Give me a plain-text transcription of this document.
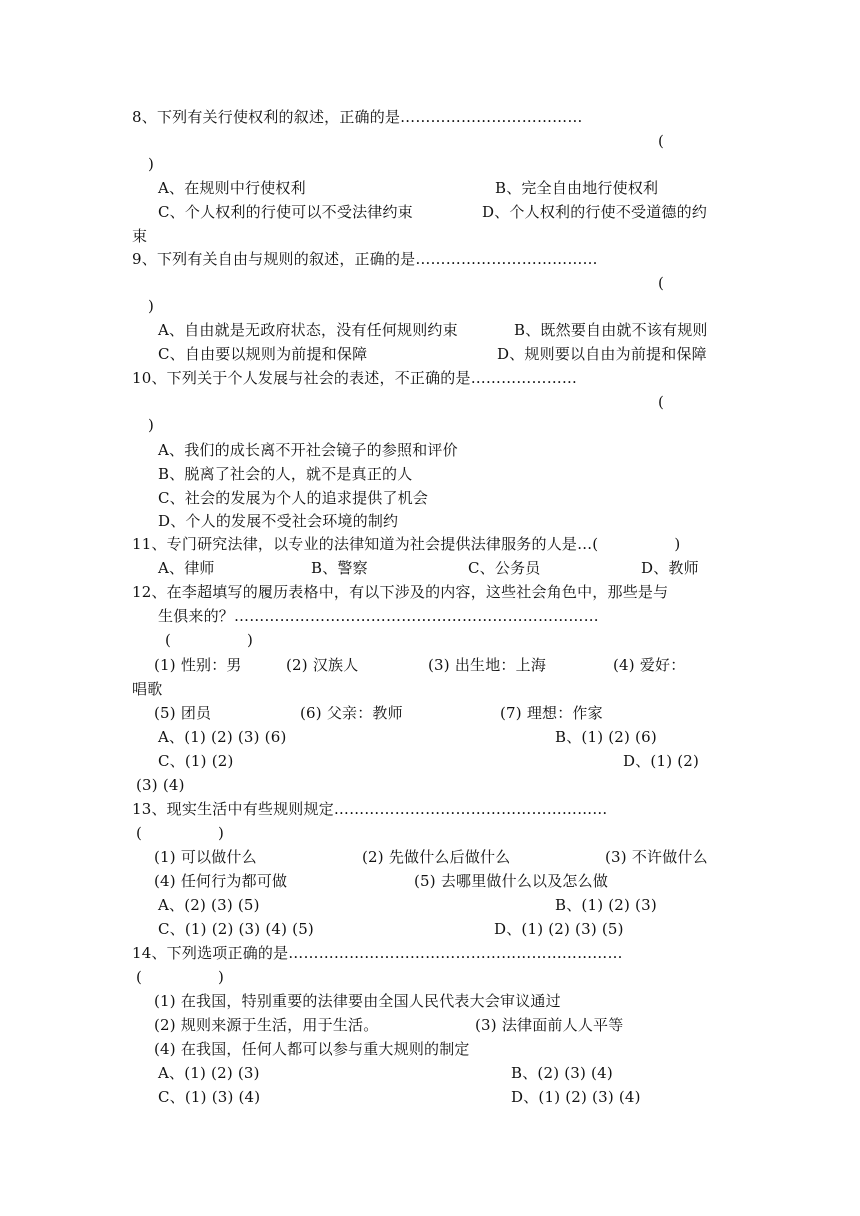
8、下列有关行使权利的叙述，正确的是………………………………
(
)
A、在规则中行使权利	B、完全自由地行使权利
C、个人权利的行使可以不受法律约束	D、个人权利的行使不受道德的约
束
9、下列有关自由与规则的叙述，正确的是………………………………
(
)
A、自由就是无政府状态，没有任何规则约束	B、既然要自由就不该有规则
C、自由要以规则为前提和保障	D、规则要以自由为前提和保障
10、下列关于个人发展与社会的表述，不正确的是…………………
(
)
A、我们的成长离不开社会镜子的参照和评价
B、脱离了社会的人，就不是真正的人
C、社会的发展为个人的追求提供了机会
D、个人的发展不受社会环境的制约
11、专门研究法律，以专业的法律知道为社会提供法律服务的人是…(　　　　　)
A、律师	B、警察	C、公务员	D、教师
12、在李超填写的履历表格中，有以下涉及的内容，这些社会角色中，那些是与
生俱来的？………………………………………………………………
(　　　　　)
(1) 性别：男	(2) 汉族人	(3) 出生地：上海	(4) 爱好：
唱歌
(5) 团员	(6) 父亲：教师	(7) 理想：作家
A、(1) (2) (3) (6)	B、(1) (2) (6)
C、(1) (2)	D、(1) (2)
(3) (4)
13、现实生活中有些规则规定………………………………………………
(　　　　　)
(1) 可以做什么	(2) 先做什么后做什么	(3) 不许做什么
(4) 任何行为都可做	(5) 去哪里做什么以及怎么做
A、(2) (3) (5)	B、(1) (2) (3)
C、(1) (2) (3) (4) (5)	D、(1) (2) (3) (5)
14、下列选项正确的是…………………………………………………………
(　　　　　)
(1) 在我国，特别重要的法律要由全国人民代表大会审议通过
(2) 规则来源于生活，用于生活。	(3) 法律面前人人平等
(4) 在我国，任何人都可以参与重大规则的制定
A、(1) (2) (3)	B、(2) (3) (4)
C、(1) (3) (4)	D、(1) (2) (3) (4)
